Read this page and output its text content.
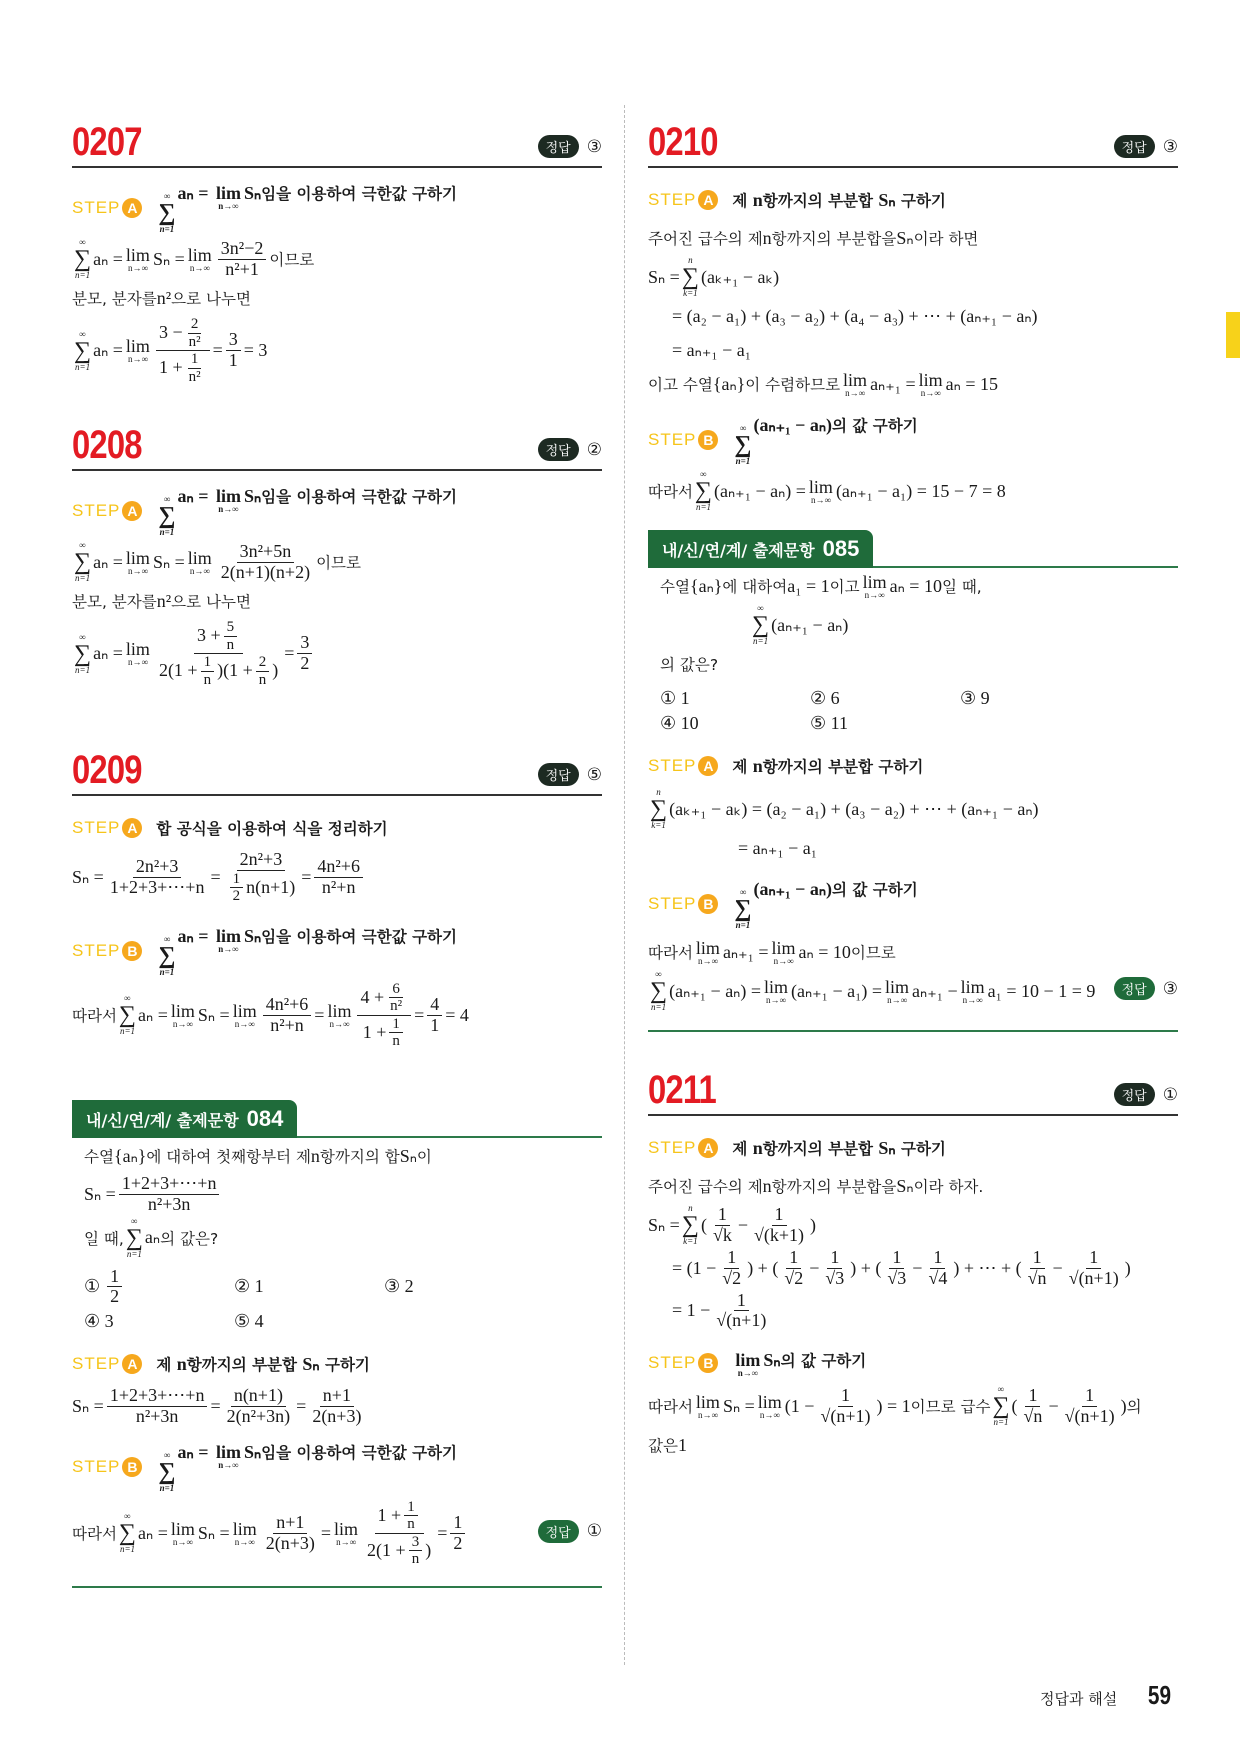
0207	정답 ③
STEP A
∞
∑
n=1
aₙ = lim
n→∞
Sₙ임을 이용하여 극한값 구하기
∞
∑
n=1
aₙ = lim
n→∞ Sₙ = lim
$n\to\infty \frac{\text{3n²−2}}{\text{n²+1}}$ 이므로
분모, 분자를 n² 으로 나누면
∞
∑
n=1
aₙ = lim
$n\to\infty \frac{3 - \frac{2}{\text{n²}}}{1 + \frac{1}{\text{n²}}} = \frac{3}{1} = 3$
0208	정답 ②
STEP A
∞
∑
n=1
aₙ = lim
n→∞
Sₙ임을 이용하여 극한값 구하기
∞
∑
n=1
aₙ = lim
n→∞ Sₙ = lim
$n\to\infty \frac{\text{3n²+5n}}{2(n+1)(n+2)}$ 이므로
분모, 분자를 n² 으로 나누면
∞
∑
n=1
aₙ = lim
$n\to\infty \frac{3 + \frac{5}{n}}{2(1 + \frac{1}{n} )(1 + \frac{2}{n} )} = \frac{3}{2}$
0209	정답 ⑤
STEP A	합 공식을 이용하여 식을 정리하기
$S_n = \frac{\text{2n²+3}}{1+2+3+\cdots+n} = \frac{\text{2n²+3}}{\frac{1}{2} n(n+1)} = \frac{\text{4n²+6}}{\text{n²+n}}$
STEP B
∞
∑
n=1
aₙ = lim
n→∞
Sₙ임을 이용하여 극한값 구하기
따라서
∞
∑
n=1
aₙ = lim
n→∞ Sₙ = lim
$n\to\infty \frac{\text{4n²+6}}{\text{n²+n}} = \lim$
$n\to\infty \frac{4 + \frac{6}{\text{n²}}}{1 + \frac{1}{n}} = \frac{4}{1} = 4$
내/신/연/계/ 출제문항 084
수열 {aₙ} 에 대하여 첫째항부터 제 n 항까지의 합 Sₙ 이
$S_n = \frac{1+2+3+\cdots+n}{\text{n²+3n}}$
일 때,
∞
∑
n=1
aₙ 의 값은?
① $\frac{1}{2}$	② 1	③ 2
④ 3	⑤ 4
STEP A	제 n항까지의 부분합 Sₙ 구하기
$S_n = \frac{1+2+3+\cdots+n}{\text{n²+3n}} = \frac{n(n+1)}{\text{2(n²+3n)}} = \frac{n+1}{2(n+3)}$
STEP B
∞
∑
n=1
aₙ = lim
n→∞
Sₙ임을 이용하여 극한값 구하기
따라서
∞
∑
n=1
aₙ = lim
n→∞ Sₙ = lim
$n\to\infty \frac{n+1}{2(n+3)} = \lim$
$n\to\infty \frac{1 + \frac{1}{n}}{2(1 + \frac{3}{n} )} = \frac{1}{2}$	정답 ①
0210	정답 ③
STEP A	제 n항까지의 부분합 Sₙ 구하기
주어진 급수의 제 n 항까지의 부분합을 Sₙ 이라 하면
Sₙ =
n
∑
k=1
(aₖ₊₁ − aₖ)
= (a₂ − a₁) + (a₃ − a₂) + (a₄ − a₃) + ⋯ + (aₙ₊₁ − aₙ)
= aₙ₊₁ − a₁
이고 수열 {aₙ} 이 수렴하므로 lim
n→∞ aₙ₊₁ = lim
n→∞ aₙ = 15
STEP B
∞
∑
n=1
(aₙ₊₁ − aₙ)의 값 구하기
따라서
∞
∑
n=1
(aₙ₊₁ − aₙ) = lim
n→∞ (aₙ₊₁ − a₁) = 15 − 7 = 8
내/신/연/계/ 출제문항 085
수열 {aₙ} 에 대하여 a₁ = 1 이고 lim
n→∞ aₙ = 10 일 때,
∞
∑
n=1
(aₙ₊₁ − aₙ)
의 값은?
① 1	② 6	③ 9
④ 10	⑤ 11
STEP A	제 n항까지의 부분합 구하기
n
∑
k=1
(aₖ₊₁ − aₖ) = (a₂ − a₁) + (a₃ − a₂) + ⋯ + (aₙ₊₁ − aₙ)
= aₙ₊₁ − a₁
STEP B
∞
∑
n=1
(aₙ₊₁ − aₙ)의 값 구하기
따라서 lim
n→∞ aₙ₊₁ = lim
n→∞ aₙ = 10 이므로
∞
∑
n=1
(aₙ₊₁ − aₙ) = lim
n→∞ (aₙ₊₁ − a₁) = lim
n→∞ aₙ₊₁ − lim
n→∞ a₁ = 10 − 1 = 9	정답 ③
0211	정답 ①
STEP A	제 n항까지의 부분합 Sₙ 구하기
주어진 급수의 제 n 항까지의 부분합을 Sₙ 이라 하자.
Sₙ =
n
∑
k=1
( $\frac{1}{√k} - \frac{1}{√(k+1)}$ )
= ($1 - \frac{1}{√2}$ ) + ( $\frac{1}{√2} - \frac{1}{√3}$ ) + ( $\frac{1}{√3} - \frac{1}{√4}$ ) + ⋯ + ( $\frac{1}{√n} - \frac{1}{√(n+1)}$ )
= $1 - \frac{1}{√(n+1)}$
STEP B lim
n→∞
Sₙ의 값 구하기
따라서 lim
n→∞ Sₙ = lim
n→∞ ($1 - \frac{1}{√(n+1)}$ ) = 1 이므로 급수
∞
∑
n=1
( $\frac{1}{√n} - \frac{1}{√(n+1)}$ ) 의
값은 1
정답과 해설 59
